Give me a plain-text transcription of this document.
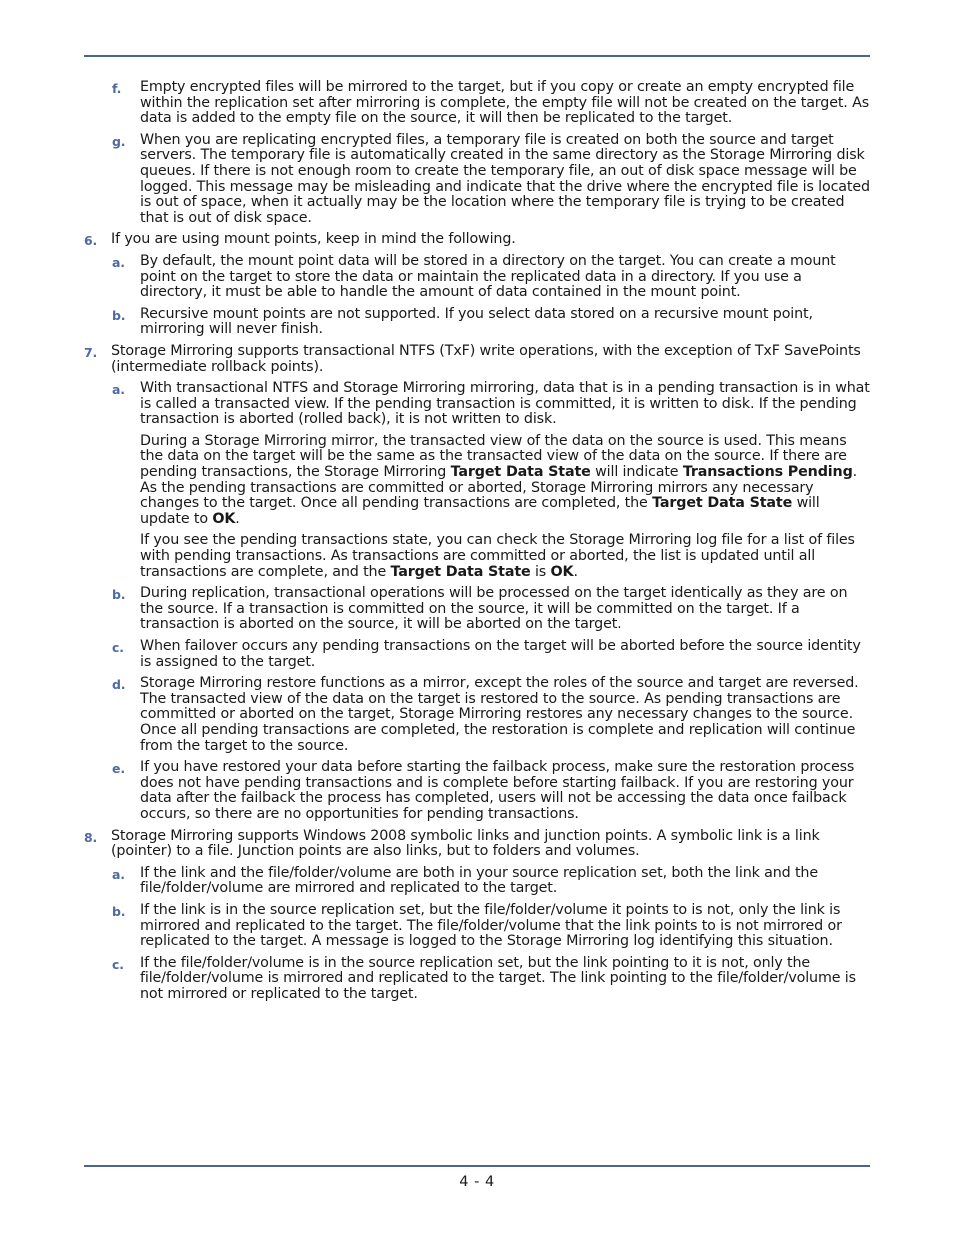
f. Empty encrypted files will be mirrored to the target, but if you copy or create an empty encrypted file within the replication set after mirroring is complete, the empty file will not be created on the target. As data is added to the empty file on the source, it will then be replicated to the target.
g. When you are replicating encrypted files, a temporary file is created on both the source and target servers. The temporary file is automatically created in the same directory as the Storage Mirroring disk queues. If there is not enough room to create the temporary file, an out of disk space message will be logged. This message may be misleading and indicate that the drive where the encrypted file is located is out of space, when it actually may be the location where the temporary file is trying to be created that is out of disk space.
6. If you are using mount points, keep in mind the following.
a. By default, the mount point data will be stored in a directory on the target. You can create a mount point on the target to store the data or maintain the replicated data in a directory. If you use a directory, it must be able to handle the amount of data contained in the mount point.
b. Recursive mount points are not supported. If you select data stored on a recursive mount point, mirroring will never finish.
7. Storage Mirroring supports transactional NTFS (TxF) write operations, with the exception of TxF SavePoints (intermediate rollback points).
a. With transactional NTFS and Storage Mirroring mirroring, data that is in a pending transaction is in what is called a transacted view. If the pending transaction is committed, it is written to disk. If the pending transaction is aborted (rolled back), it is not written to disk.
During a Storage Mirroring mirror, the transacted view of the data on the source is used. This means the data on the target will be the same as the transacted view of the data on the source. If there are pending transactions, the Storage Mirroring Target Data State will indicate Transactions Pending. As the pending transactions are committed or aborted, Storage Mirroring mirrors any necessary changes to the target. Once all pending transactions are completed, the Target Data State will update to OK.
If you see the pending transactions state, you can check the Storage Mirroring log file for a list of files with pending transactions. As transactions are committed or aborted, the list is updated until all transactions are complete, and the Target Data State is OK.
b. During replication, transactional operations will be processed on the target identically as they are on the source. If a transaction is committed on the source, it will be committed on the target. If a transaction is aborted on the source, it will be aborted on the target.
c. When failover occurs any pending transactions on the target will be aborted before the source identity is assigned to the target.
d. Storage Mirroring restore functions as a mirror, except the roles of the source and target are reversed. The transacted view of the data on the target is restored to the source. As pending transactions are committed or aborted on the target, Storage Mirroring restores any necessary changes to the source. Once all pending transactions are completed, the restoration is complete and replication will continue from the target to the source.
e. If you have restored your data before starting the failback process, make sure the restoration process does not have pending transactions and is complete before starting failback. If you are restoring your data after the failback the process has completed, users will not be accessing the data once failback occurs, so there are no opportunities for pending transactions.
8. Storage Mirroring supports Windows 2008 symbolic links and junction points. A symbolic link is a link (pointer) to a file. Junction points are also links, but to folders and volumes.
a. If the link and the file/folder/volume are both in your source replication set, both the link and the file/folder/volume are mirrored and replicated to the target.
b. If the link is in the source replication set, but the file/folder/volume it points to is not, only the link is mirrored and replicated to the target. The file/folder/volume that the link points to is not mirrored or replicated to the target. A message is logged to the Storage Mirroring log identifying this situation.
c. If the file/folder/volume is in the source replication set, but the link pointing to it is not, only the file/folder/volume is mirrored and replicated to the target. The link pointing to the file/folder/volume is not mirrored or replicated to the target.
4 - 4
